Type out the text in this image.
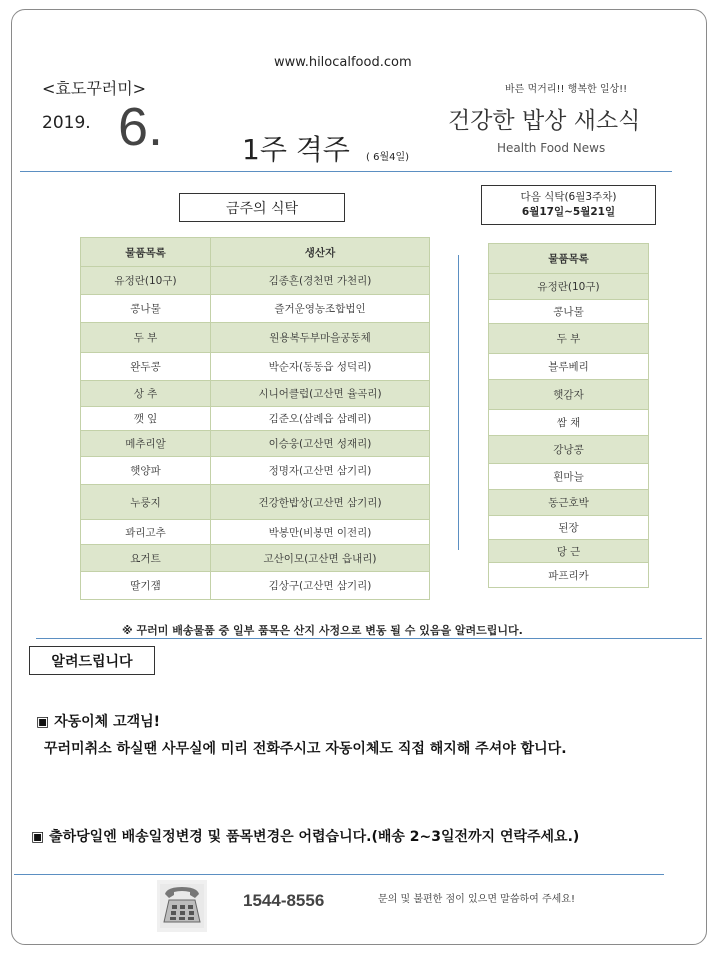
www.hilocalfood.com
<효도꾸러미>	바른 먹거리!! 행복한 일상!!
2019. 6.	1주 격주 ( 6월4일)
건강한 밥상 새소식
Health Food News
금주의 식탁
다음 식탁(6월3주차)
6월17일~5월21일
물품목록	생산자
유정란(10구)	김종흔(경천면 가천리)
콩나물	즐거운영농조합법인
두 부	원용복두부마을공동체
완두콩	박순자(동동읍 성덕리)
상 추	시니어클럽(고산면 율곡리)
깻 잎	김준오(삼례읍 삼례리)
메추리알	이승웅(고산면 성재리)
햇양파	정명자(고산면 삼기리)
누룽지	건강한밥상(고산면 삼기리)
꽈리고추	박봉만(비봉면 이전리)
요거트	고산이모(고산면 읍내리)
딸기잼	김상구(고산면 삼기리)
물품목록
유정란(10구)
콩나물
두 부
블루베리
햇감자
쌈 채
강낭콩
흰마늘
동근호박
된장
당 근
파프리카
※ 꾸러미 배송물품 중 일부 품목은 산지 사정으로 변동 될 수 있음을 알려드립니다.
알려드립니다
▣ 자동이체 고객님!
꾸러미취소 하실땐 사무실에 미리 전화주시고 자동이체도 직접 해지해 주셔야 합니다.
▣ 출하당일엔 배송일정변경 및 품목변경은 어렵습니다.(배송 2~3일전까지 연락주세요.)
1544-8556	문의 및 불편한 점이 있으면 말씀하여 주세요!
